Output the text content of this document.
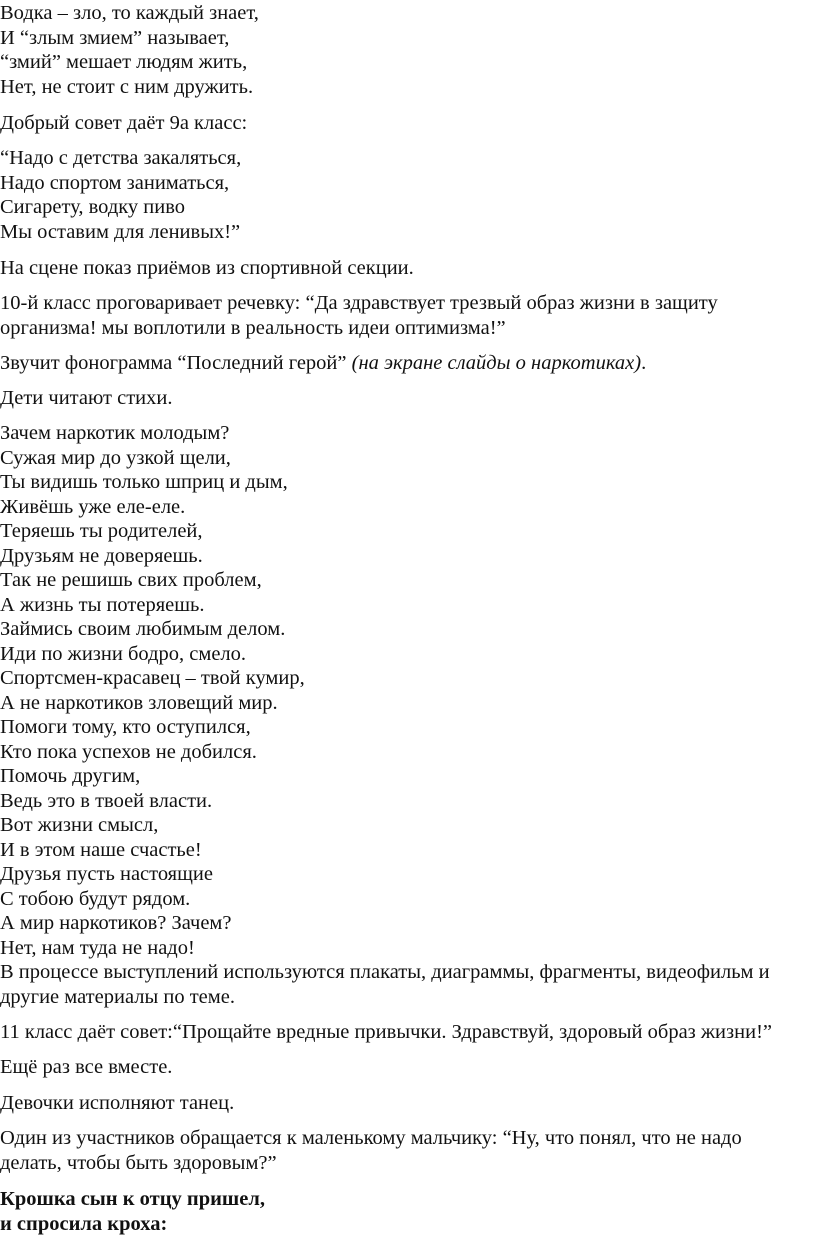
Водка – зло, то каждый знает,
И “злым змием” называет,
“змий” мешает людям жить,
Нет, не стоит с ним дружить.

Добрый совет даёт 9а класс:

“Надо с детства закаляться,
Надо спортом заниматься,
Сигарету, водку пиво
Мы оставим для ленивых!”

На сцене показ приёмов из спортивной секции.

10-й класс проговаривает речевку: “Да здравствует трезвый образ жизни в защиту организма! мы воплотили в реальность идеи оптимизма!”

Звучит фонограмма “Последний герой” (на экране слайды о наркотиках).

Дети читают стихи.

Зачем наркотик молодым?
Сужая мир до узкой щели,
Ты видишь только шприц и дым,
Живёшь уже еле-еле.
Теряешь ты родителей,
Друзьям не доверяешь.
Так не решишь свих проблем,
А жизнь ты потеряешь.
Займись своим любимым делом.
Иди по жизни бодро, смело.
Спортсмен-красавец – твой кумир,
А не наркотиков зловещий мир.
Помоги тому, кто оступился,
Кто пока успехов не добился.
Помочь другим,
Ведь это в твоей власти.
Вот жизни смысл,
И в этом наше счастье!
Друзья пусть настоящие
С тобою будут рядом.
А мир наркотиков? Зачем?
Нет, нам туда не надо!

В процессе выступлений используются плакаты, диаграммы, фрагменты, видеофильм и другие материалы по теме.

11 класс даёт совет:“Прощайте вредные привычки. Здравствуй, здоровый образ жизни!”

Ещё раз все вместе.

Девочки исполняют танец.

Один из участников обращается к маленькому мальчику: “Ну, что понял, что не надо делать, чтобы быть здоровым?”

Крошка сын к отцу пришел,
и спросила кроха:
